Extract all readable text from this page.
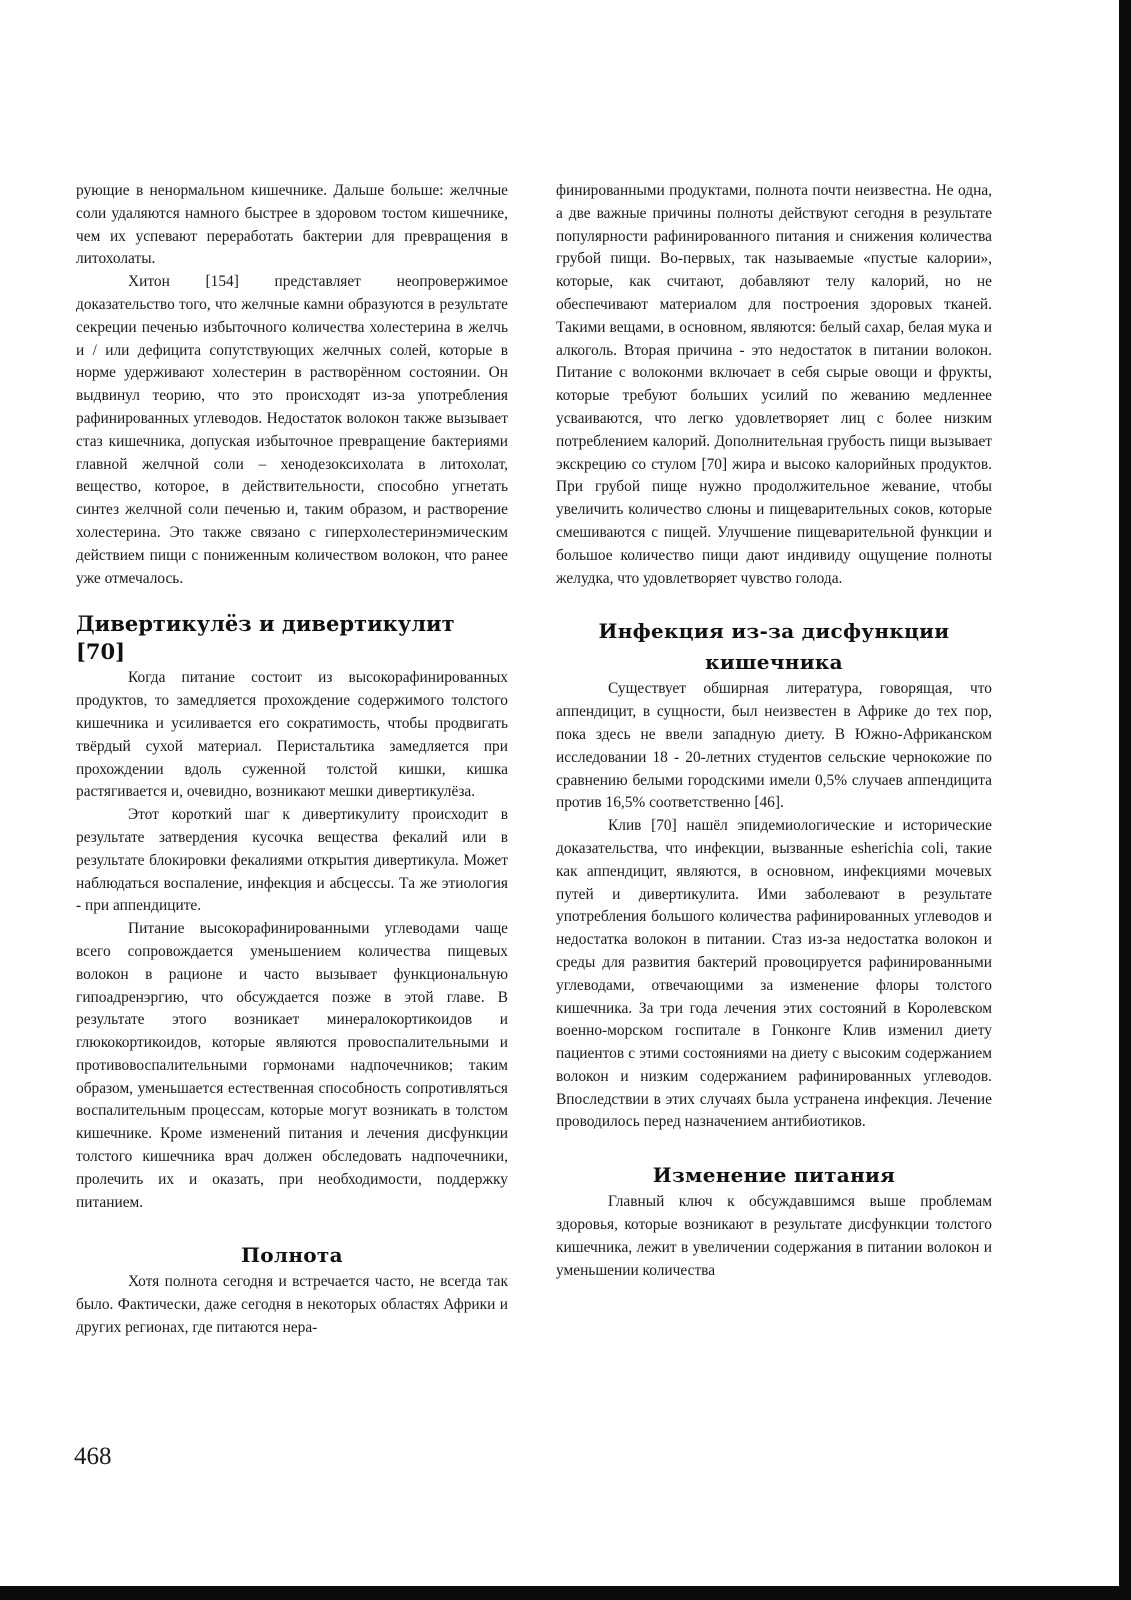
рующие в ненормальном кишечнике. Дальше больше: желчные соли удаляются намного быстрее в здоровом тостом кишечнике, чем их успевают переработать бактерии для превращения в литохолаты.

Хитон [154] представляет неопровержимое доказательство того, что желчные камни образуются в результате секреции печенью избыточного количества холестерина в желчь и / или дефицита сопутствующих желчных солей, которые в норме удерживают холестерин в растворённом состоянии. Он выдвинул теорию, что это происходят из-за употребления рафинированных углеводов. Недостаток волокон также вызывает стаз кишечника, допуская избыточное превращение бактериями главной желчной соли – хенодезоксихолата в литохолат, вещество, которое, в действительности, способно угнетать синтез желчной соли печенью и, таким образом, и растворение холестерина. Это также связано с гиперхолестеринэмическим действием пищи с пониженным количеством волокон, что ранее уже отмечалось.

Дивертикулёз и дивертикулит [70]

Когда питание состоит из высокорафинированных продуктов, то замедляется прохождение содержимого толстого кишечника и усиливается его сократимость, чтобы продвигать твёрдый сухой материал. Перистальтика замедляется при прохождении вдоль суженной толстой кишки, кишка растягивается и, очевидно, возникают мешки дивертикулёза.

Этот короткий шаг к дивертикулиту происходит в результате затвердения кусочка вещества фекалий или в результате блокировки фекалиями открытия дивертикула. Может наблюдаться воспаление, инфекция и абсцессы. Та же этиология - при аппендиците.

Питание высокорафинированными углеводами чаще всего сопровождается уменьшением количества пищевых волокон в рационе и часто вызывает функциональную гипоадренэргию, что обсуждается позже в этой главе. В результате этого возникает минералокортикоидов и глюкокортикоидов, которые являются провоспалительными и противовоспалительными гормонами надпочечников; таким образом, уменьшается естественная способность сопротивляться воспалительным процессам, которые могут возникать в толстом кишечнике. Кроме изменений питания и лечения дисфункции толстого кишечника врач должен обследовать надпочечники, пролечить их и оказать, при необходимости, поддержку питанием.

Полнота

Хотя полнота сегодня и встречается часто, не всегда так было. Фактически, даже сегодня в некоторых областях Африки и других регионах, где питаются нера-

финированными продуктами, полнота почти неизвестна. Не одна, а две важные причины полноты действуют сегодня в результате популярности рафинированного питания и снижения количества грубой пищи. Во-первых, так называемые «пустые калории», которые, как считают, добавляют телу калорий, но не обеспечивают материалом для построения здоровых тканей. Такими вещами, в основном, являются: белый сахар, белая мука и алкоголь. Вторая причина - это недостаток в питании волокон. Питание с волоконми включает в себя сырые овощи и фрукты, которые требуют больших усилий по жеванию медленнее усваиваются, что легко удовлетворяет лиц с более низким потреблением калорий. Дополнительная грубость пищи вызывает экскрецию со стулом [70] жира и высоко калорийных продуктов. При грубой пище нужно продолжительное жевание, чтобы увеличить количество слюны и пищеварительных соков, которые смешиваются с пищей. Улучшение пищеварительной функции и большое количество пищи дают индивиду ощущение полноты желудка, что удовлетворяет чувство голода.

Инфекция из-за дисфункции кишечника

Существует обширная литература, говорящая, что аппендицит, в сущности, был неизвестен в Африке до тех пор, пока здесь не ввели западную диету. В Южно-Африканском исследовании 18 - 20-летних студентов сельские чернокожие по сравнению белыми городскими имели 0,5% случаев аппендицита против 16,5% соответственно [46].

Клив [70] нашёл эпидемиологические и исторические доказательства, что инфекции, вызванные esherichia coli, такие как аппендицит, являются, в основном, инфекциями мочевых путей и дивертикулита. Ими заболевают в результате употребления большого количества рафинированных углеводов и недостатка волокон в питании. Стаз из-за недостатка волокон и среды для развития бактерий провоцируется рафинированными углеводами, отвечающими за изменение флоры толстого кишечника. За три года лечения этих состояний в Королевском военно-морском госпитале в Гонконге Клив изменил диету пациентов с этими состояниями на диету с высоким содержанием волокон и низким содержанием рафинированных углеводов. Впоследствии в этих случаях была устранена инфекция. Лечение проводилось перед назначением антибиотиков.

Изменение питания

Главный ключ к обсуждавшимся выше проблемам здоровья, которые возникают в результате дисфункции толстого кишечника, лежит в увеличении содержания в питании волокон и уменьшении количества

468
